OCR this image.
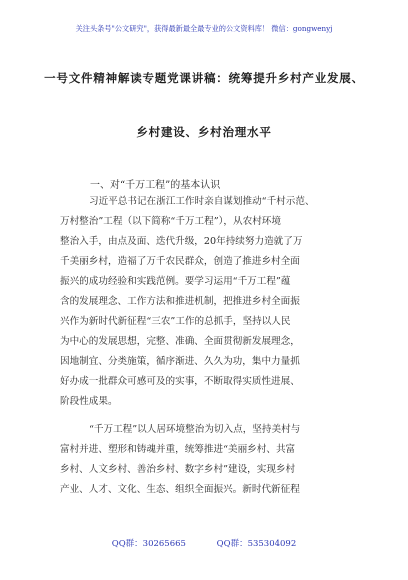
关注头条号"公文研究"，获得最新最全最专业的公文资料库！ 微信：gongwenyj
一号文件精神解读专题党课讲稿：统筹提升乡村产业发展、
乡村建设、乡村治理水平
一、对“千万工程”的基本认识
习近平总书记在浙江工作时亲自谋划推动“千村示范、
万村整治”工程（以下简称“千万工程”），从农村环境
整治入手，由点及面、迭代升级，20年持续努力造就了万
千美丽乡村，造福了万千农民群众，创造了推进乡村全面
振兴的成功经验和实践范例。要学习运用“千万工程”蕴
含的发展理念、工作方法和推进机制，把推进乡村全面振
兴作为新时代新征程“三农”工作的总抓手，坚持以人民
为中心的发展思想，完整、准确、全面贯彻新发展理念，
因地制宜、分类施策，循序渐进、久久为功，集中力量抓
好办成一批群众可感可及的实事，不断取得实质性进展、
阶段性成果。
“千万工程”以人居环境整治为切入点，坚持美村与
富村并进、塑形和铸魂并重，统筹推进“美丽乡村、共富
乡村、人文乡村、善治乡村、数字乡村”建设，实现乡村
产业、人才、文化、生态、组织全面振兴。新时代新征程
QQ群：30265665	QQ群：535304092
